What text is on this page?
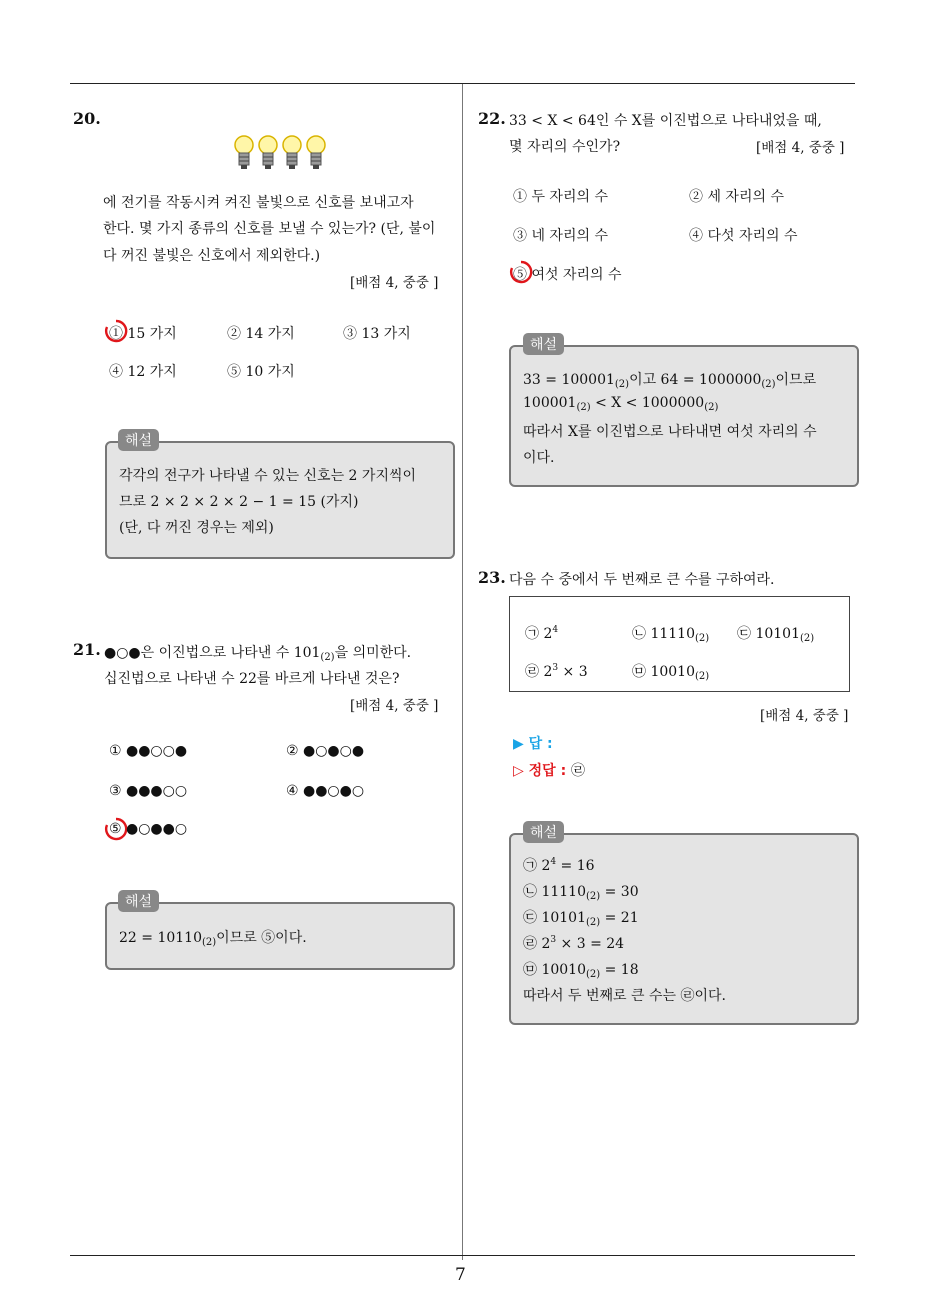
20.
에 전기를 작동시켜 켜진 불빛으로 신호를 보내고자
한다. 몇 가지 종류의 신호를 보낼 수 있는가? (단, 불이
다 꺼진 불빛은 신호에서 제외한다.)
[배점 4, 중중 ]
① 15 가지	② 14 가지	③ 13 가지
④ 12 가지	⑤ 10 가지
각각의 전구가 나타낼 수 있는 신호는 2 가지씩이
므로 2 × 2 × 2 × 2 − 1 = 15 (가지)
(단, 다 꺼진 경우는 제외)
해설
21. ●○●은 이진법으로 나타낸 수 $101_{(2)}$을 의미한다.
십진법으로 나타낸 수 22를 바르게 나타낸 것은?
[배점 4, 중중 ]
① ●●○○●	② ●○●○●
③ ●●●○○	④ ●●○●○
⑤ ●○●●○
$22 = 10110_{(2)}$이므로 ⑤이다.
해설
22. 33 < X < 64인 수 X를 이진법으로 나타내었을 때,
몇 자리의 수인가?	[배점 4, 중중 ]
① 두 자리의 수	② 세 자리의 수
③ 네 자리의 수	④ 다섯 자리의 수
⑤ 여섯 자리의 수
$33 = 100001_{(2)}$이고 $64 = 1000000_{(2)}$이므로
$100001_{(2)} < X < 1000000_{(2)}$
따라서 X를 이진법으로 나타내면 여섯 자리의 수
이다.
해설
23. 다음 수 중에서 두 번째로 큰 수를 구하여라.
㉠ $2^4$	㉡ $11110_{(2)}$ ㉢ $10101_{(2)}$
㉣ $2^3 \times 3$	㉤ $10010_{(2)}$
[배점 4, 중중 ]
▶ 답 :
▷ 정답 : ㉣
㉠ $2^4 = 16$
㉡ $11110_{(2)} = 30$
㉢ $10101_{(2)} = 21$
㉣ $2^3 \times 3 = 24$
㉤ $10010_{(2)} = 18$
따라서 두 번째로 큰 수는 ㉣이다.
해설
7
